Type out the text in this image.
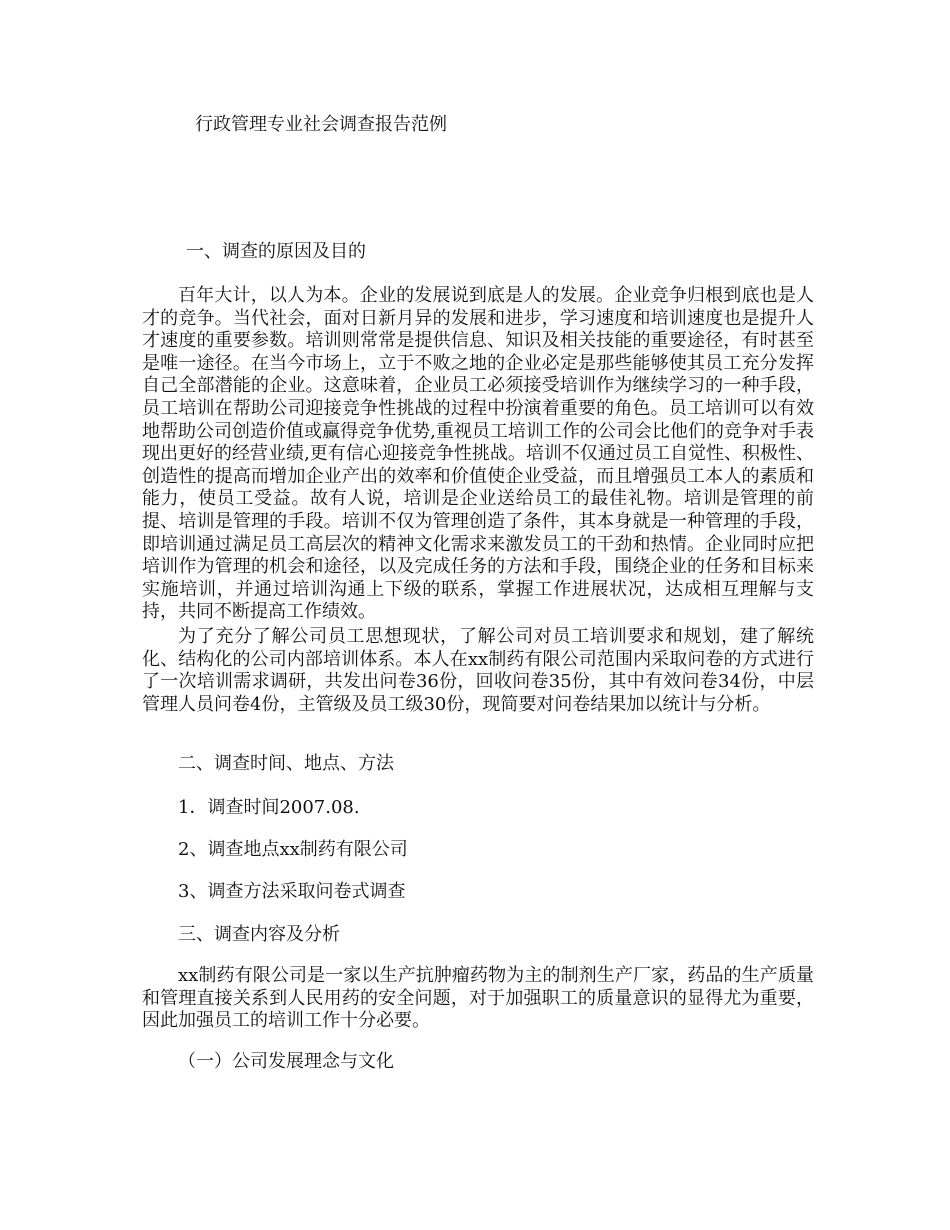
行政管理专业社会调查报告范例
一、调查的原因及目的

百年大计，以人为本。企业的发展说到底是人的发展。企业竞争归根到底也是人才的竞争。当代社会，面对日新月异的发展和进步，学习速度和培训速度也是提升人才速度的重要参数。培训则常常是提供信息、知识及相关技能的重要途径，有时甚至是唯一途径。在当今市场上，立于不败之地的企业必定是那些能够使其员工充分发挥自己全部潜能的企业。这意味着，企业员工必须接受培训作为继续学习的一种手段，员工培训在帮助公司迎接竞争性挑战的过程中扮演着重要的角色。员工培训可以有效地帮助公司创造价值或赢得竞争优势,重视员工培训工作的公司会比他们的竞争对手表现出更好的经营业绩,更有信心迎接竞争性挑战。培训不仅通过员工自觉性、积极性、创造性的提高而增加企业产出的效率和价值使企业受益，而且增强员工本人的素质和能力，使员工受益。故有人说，培训是企业送给员工的最佳礼物。培训是管理的前提、培训是管理的手段。培训不仅为管理创造了条件，其本身就是一种管理的手段，即培训通过满足员工高层次的精神文化需求来激发员工的干劲和热情。企业同时应把培训作为管理的机会和途径，以及完成任务的方法和手段，围绕企业的任务和目标来实施培训，并通过培训沟通上下级的联系，掌握工作进展状况，达成相互理解与支持，共同不断提高工作绩效。

为了充分了解公司员工思想现状，了解公司对员工培训要求和规划，建了解统化、结构化的公司内部培训体系。本人在xx制药有限公司范围内采取问卷的方式进行了一次培训需求调研，共发出问卷36份，回收问卷35份，其中有效问卷34份，中层管理人员问卷4份，主管级及员工级30份，现简要对问卷结果加以统计与分析。

二、调查时间、地点、方法
1．调查时间2007.08.
2、调查地点xx制药有限公司
3、调查方法采取问卷式调查
三、调查内容及分析

xx制药有限公司是一家以生产抗肿瘤药物为主的制剂生产厂家，药品的生产质量和管理直接关系到人民用药的安全问题，对于加强职工的质量意识的显得尤为重要，因此加强员工的培训工作十分必要。

（一）公司发展理念与文化
